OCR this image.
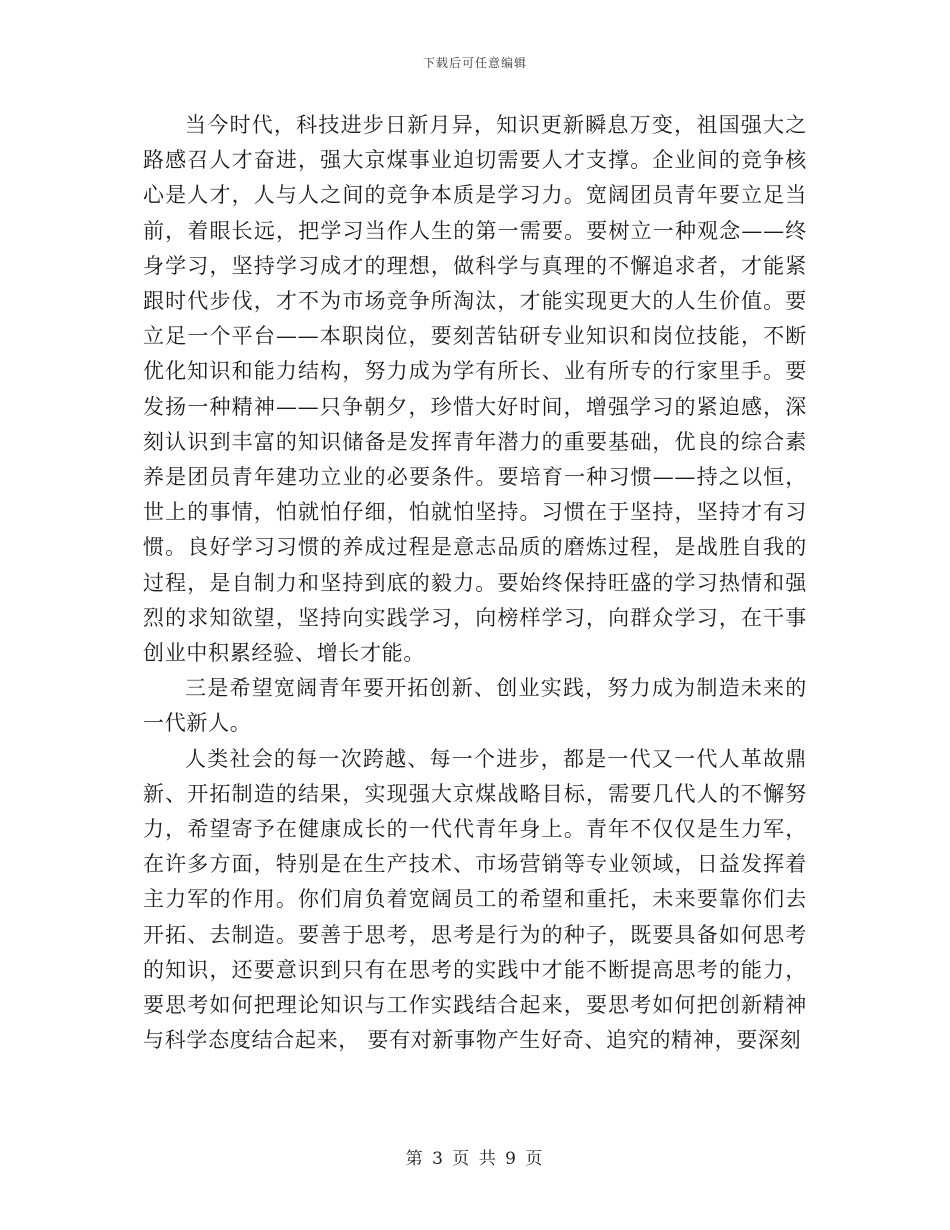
下载后可任意编辑

当今时代，科技进步日新月异，知识更新瞬息万变，祖国强大之路感召人才奋进，强大京煤事业迫切需要人才支撑。企业间的竞争核心是人才，人与人之间的竞争本质是学习力。宽阔团员青年要立足当前，着眼长远，把学习当作人生的第一需要。要树立一种观念——终身学习，坚持学习成才的理想，做科学与真理的不懈追求者，才能紧跟时代步伐，才不为市场竞争所淘汰，才能实现更大的人生价值。要立足一个平台——本职岗位，要刻苦钻研专业知识和岗位技能，不断优化知识和能力结构，努力成为学有所长、业有所专的行家里手。要发扬一种精神——只争朝夕，珍惜大好时间，增强学习的紧迫感，深刻认识到丰富的知识储备是发挥青年潜力的重要基础，优良的综合素养是团员青年建功立业的必要条件。要培育一种习惯——持之以恒，世上的事情，怕就怕仔细，怕就怕坚持。习惯在于坚持，坚持才有习惯。良好学习习惯的养成过程是意志品质的磨炼过程，是战胜自我的过程，是自制力和坚持到底的毅力。要始终保持旺盛的学习热情和强烈的求知欲望，坚持向实践学习，向榜样学习，向群众学习，在干事创业中积累经验、增长才能。

三是希望宽阔青年要开拓创新、创业实践，努力成为制造未来的一代新人。

人类社会的每一次跨越、每一个进步，都是一代又一代人革故鼎新、开拓制造的结果，实现强大京煤战略目标，需要几代人的不懈努力，希望寄予在健康成长的一代代青年身上。青年不仅仅是生力军，在许多方面，特别是在生产技术、市场营销等专业领域，日益发挥着主力军的作用。你们肩负着宽阔员工的希望和重托，未来要靠你们去开拓、去制造。要善于思考，思考是行为的种子，既要具备如何思考的知识，还要意识到只有在思考的实践中才能不断提高思考的能力，要思考如何把理论知识与工作实践结合起来，要思考如何把创新精神与科学态度结合起来， 要有对新事物产生好奇、追究的精神，要深刻

第 3 页 共 9 页
